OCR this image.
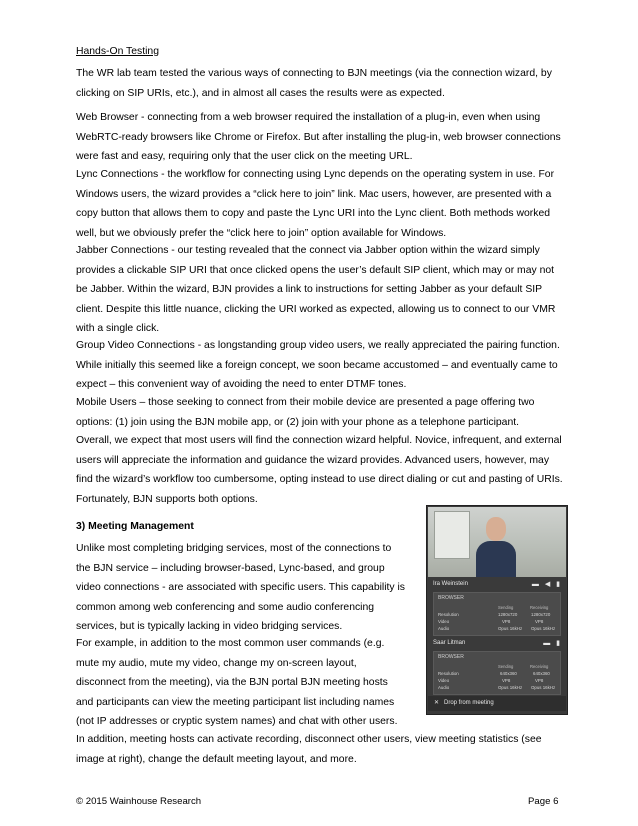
Hands-On Testing

The WR lab team tested the various ways of connecting to BJN meetings (via the connection wizard, by clicking on SIP URIs, etc.), and in almost all cases the results were as expected.

Web Browser - connecting from a web browser required the installation of a plug-in, even when using WebRTC-ready browsers like Chrome or Firefox. But after installing the plug-in, web browser connections were fast and easy, requiring only that the user click on the meeting URL.

Lync Connections - the workflow for connecting using Lync depends on the operating system in use. For Windows users, the wizard provides a “click here to join” link. Mac users, however, are presented with a copy button that allows them to copy and paste the Lync URI into the Lync client. Both methods worked well, but we obviously prefer the “click here to join” option available for Windows.

Jabber Connections - our testing revealed that the connect via Jabber option within the wizard simply provides a clickable SIP URI that once clicked opens the user’s default SIP client, which may or may not be Jabber. Within the wizard, BJN provides a link to instructions for setting Jabber as your default SIP client. Despite this little nuance, clicking the URI worked as expected, allowing us to connect to our VMR with a single click.

Group Video Connections - as longstanding group video users, we really appreciated the pairing function. While initially this seemed like a foreign concept, we soon became accustomed – and eventually came to expect – this convenient way of avoiding the need to enter DTMF tones.

Mobile Users – those seeking to connect from their mobile device are presented a page offering two options: (1) join using the BJN mobile app, or (2) join with your phone as a telephone participant.

Overall, we expect that most users will find the connection wizard helpful. Novice, infrequent, and external users will appreciate the information and guidance the wizard provides. Advanced users, however, may find the wizard’s workflow too cumbersome, opting instead to use direct dialing or cut and pasting of URIs. Fortunately, BJN supports both options.

3) Meeting Management

Unlike most completing bridging services, most of the connections to the BJN service – including browser-based, Lync-based, and group video connections - are associated with specific users. This capability is common among web conferencing and some audio conferencing services, but is typically lacking in video bridging services.

For example, in addition to the most common user commands (e.g. mute my audio, mute my video, change my on-screen layout, disconnect from the meeting), via the BJN portal BJN meeting hosts and participants can view the meeting participant list including names (not IP addresses or cryptic system names) and chat with other users.

In addition, meeting hosts can activate recording, disconnect other users, view meeting statistics (see image at right), change the default meeting layout, and more.

Ira Weinstein	▬ ◀ ▮
BROWSER
Sending	Receiving
Resolution	1280x720	1280x720
Video	VP8	VP8
Audio	Opus 16kHz Opus 16kHz
Saar Litman	▬ ▮
BROWSER
Sending	Receiving
Resolution	640x360	640x360
Video	VP8	VP8
Audio	Opus 16kHz Opus 16kHz
✕ Drop from meeting
© 2015 Wainhouse Research	Page 6
